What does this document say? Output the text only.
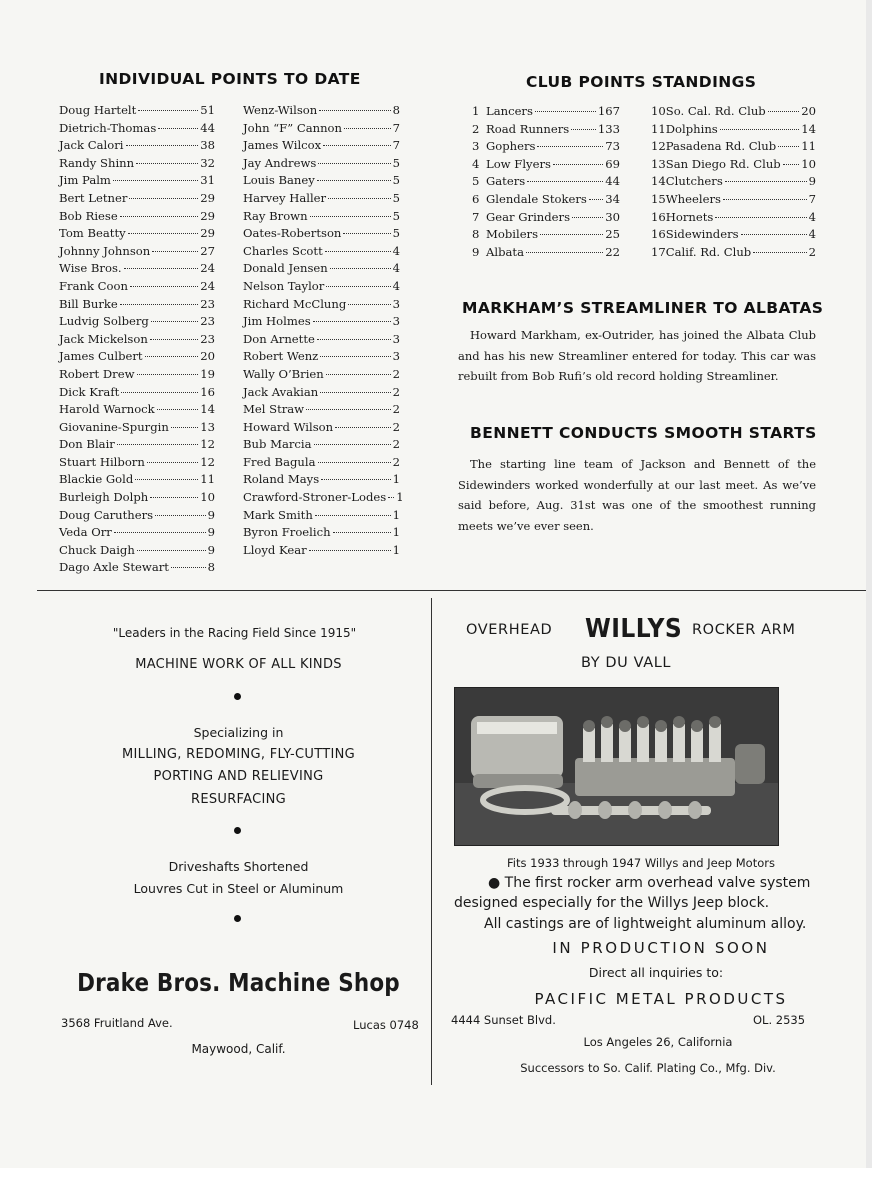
INDIVIDUAL POINTS TO DATE
Doug Hartelt	51
Dietrich-Thomas	44
Jack Calori	38
Randy Shinn	32
Jim Palm	31
Bert Letner	29
Bob Riese	29
Tom Beatty	29
Johnny Johnson	27
Wise Bros.	24
Frank Coon	24
Bill Burke	23
Ludvig Solberg	23
Jack Mickelson	23
James Culbert	20
Robert Drew	19
Dick Kraft	16
Harold Warnock	14
Giovanine-Spurgin	13
Don Blair	12
Stuart Hilborn	12
Blackie Gold	11
Burleigh Dolph	10
Doug Caruthers	9
Veda Orr	9
Chuck Daigh	9
Dago Axle Stewart	8
Wenz-Wilson	8
John “F” Cannon	7
James Wilcox	7
Jay Andrews	5
Louis Baney	5
Harvey Haller	5
Ray Brown	5
Oates-Robertson	5
Charles Scott	4
Donald Jensen	4
Nelson Taylor	4
Richard McClung	3
Jim Holmes	3
Don Arnette	3
Robert Wenz	3
Wally O’Brien	2
Jack Avakian	2
Mel Straw	2
Howard Wilson	2
Bub Marcia	2
Fred Bagula	2
Roland Mays	1
Crawford-Stroner-Lodes 1
Mark Smith	1
Byron Froelich	1
Lloyd Kear	1
CLUB POINTS STANDINGS
1 Lancers	167
2 Road Runners 133
3 Gophers	73
4 Low Flyers	69
5 Gaters	44
6 Glendale Stokers 34
7 Gear Grinders	30
8 Mobilers	25
9 Albata	22
10 So. Cal. Rd. Club	20
11 Dolphins	14
12 Pasadena Rd. Club 11
13 San Diego Rd. Club 10
14 Clutchers	9
15 Wheelers	7
16 Hornets	4
16 Sidewinders	4
17 Calif. Rd. Club	2
MARKHAM’S STREAMLINER TO ALBATAS
Howard Markham, ex-Outrider, has joined the Albata Club and has his new Streamliner entered for today. This car was rebuilt from Bob Rufi’s old record holding Streamliner.
BENNETT CONDUCTS SMOOTH STARTS
The starting line team of Jackson and Bennett of the Sidewinders worked wonderfully at our last meet. As we’ve said before, Aug. 31st was one of the smoothest running meets we’ve ever seen.
"Leaders in the Racing Field Since 1915"
MACHINE WORK OF ALL KINDS
Specializing in
MILLING, REDOMING, FLY-CUTTING
PORTING AND RELIEVING
RESURFACING
Driveshafts Shortened
Louvres Cut in Steel or Aluminum
Drake Bros. Machine Shop
3568 Fruitland Ave.	Lucas 0748
Maywood, Calif.
OVERHEAD WILLYS ROCKER ARM
BY DU VALL
Fits 1933 through 1947 Willys and Jeep Motors
● The first rocker arm overhead valve system
designed especially for the Willys Jeep block.
All castings are of lightweight aluminum alloy.
IN PRODUCTION SOON
Direct all inquiries to:
PACIFIC METAL PRODUCTS
4444 Sunset Blvd.	OL. 2535
Los Angeles 26, California
Successors to So. Calif. Plating Co., Mfg. Div.
